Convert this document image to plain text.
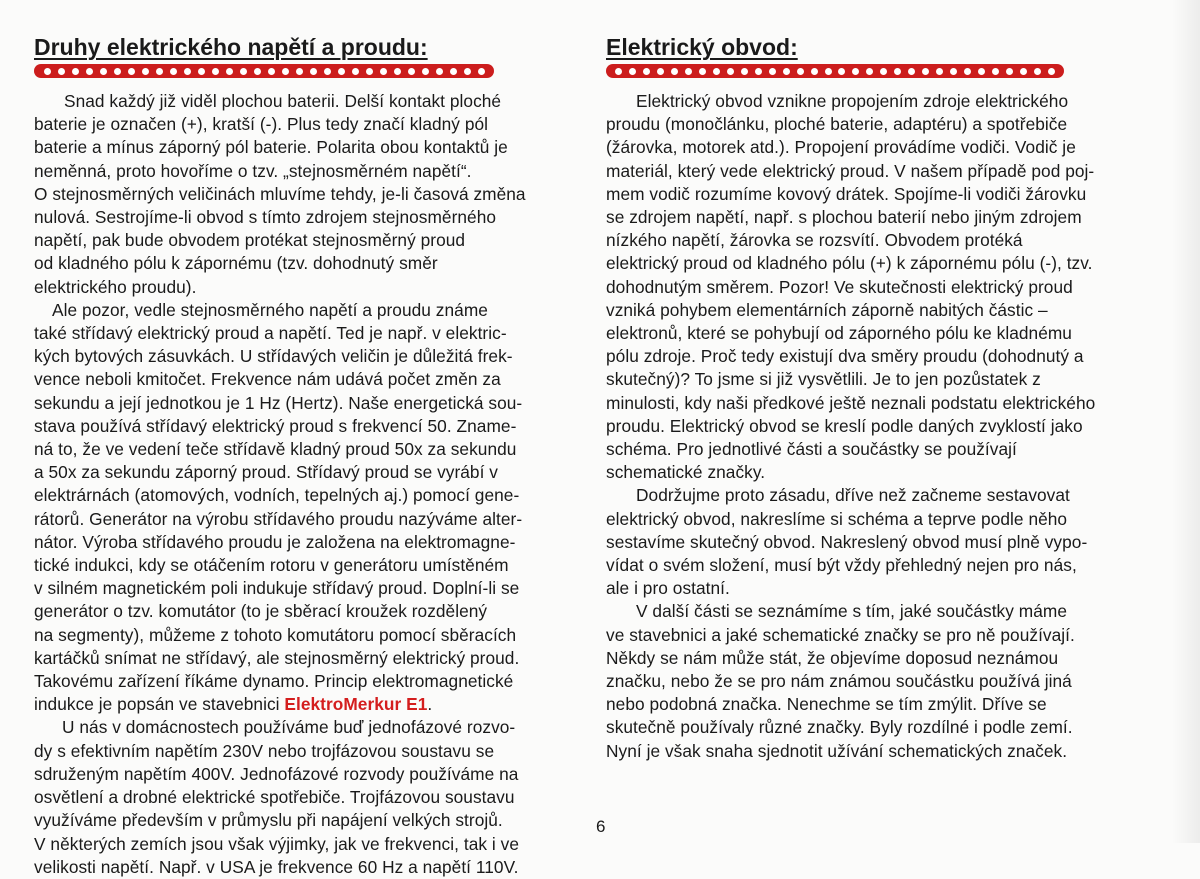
Druhy elektrického napětí a proudu:

Snad každý již viděl plochou baterii. Delší kontakt ploché

baterie je označen (+), kratší (-). Plus tedy značí kladný pól

baterie a mínus záporný pól baterie. Polarita obou kontaktů je

neměnná, proto hovoříme o tzv. „stejnosměrném napětí“.

O stejnosměrných veličinách mluvíme tehdy, je-li časová změna

nulová. Sestrojíme-li obvod s tímto zdrojem stejnosměrného

napětí, pak bude obvodem protékat stejnosměrný proud

od kladného pólu k zápornému (tzv. dohodnutý směr

elektrického proudu).

Ale pozor, vedle stejnosměrného napětí a proudu známe

také střídavý elektrický proud a napětí. Ted je např. v elektric-

kých bytových zásuvkách. U střídavých veličin je důležitá frek-

vence neboli kmitočet. Frekvence nám udává počet změn za

sekundu a její jednotkou je 1 Hz (Hertz). Naše energetická sou-

stava používá střídavý elektrický proud s frekvencí 50. Zname-

ná to, že ve vedení teče střídavě kladný proud 50x za sekundu

a 50x za sekundu záporný proud. Střídavý proud se vyrábí v

elektrárnách (atomových, vodních, tepelných aj.) pomocí gene-

rátorů. Generátor na výrobu střídavého proudu nazýváme alter-

nátor. Výroba střídavého proudu je založena na elektromagne-

tické indukci, kdy se otáčením rotoru v generátoru umístěném

v silném magnetickém poli indukuje střídavý proud. Doplní-li se

generátor o tzv. komutátor (to je sběrací kroužek rozdělený

na segmenty), můžeme z tohoto komutátoru pomocí sběracích

kartáčků snímat ne střídavý, ale stejnosměrný elektrický proud.

Takovému zařízení říkáme dynamo. Princip elektromagnetické

indukce je popsán ve stavebnici ElektroMerkur E1.

U nás v domácnostech používáme buď jednofázové rozvo-

dy s efektivním napětím 230V nebo trojfázovou soustavu se

sdruženým napětím 400V. Jednofázové rozvody používáme na

osvětlení a drobné elektrické spotřebiče. Trojfázovou soustavu

využíváme především v průmyslu při napájení velkých strojů.

V některých zemích jsou však výjimky, jak ve frekvenci, tak i ve

velikosti napětí. Např. v USA je frekvence 60 Hz a napětí 110V.

Elektrický obvod:

Elektrický obvod vznikne propojením zdroje elektrického

proudu (monočlánku, ploché baterie, adaptéru) a spotřebiče

(žárovka, motorek atd.). Propojení provádíme vodiči. Vodič je

materiál, který vede elektrický proud. V našem případě pod poj-

mem vodič rozumíme kovový drátek. Spojíme-li vodiči žárovku

se zdrojem napětí, např. s plochou baterií nebo jiným zdrojem

nízkého napětí, žárovka se rozsvítí. Obvodem protéká

elektrický proud od kladného pólu (+) k zápornému pólu (-), tzv.

dohodnutým směrem. Pozor! Ve skutečnosti elektrický proud

vzniká pohybem elementárních záporně nabitých částic –

elektronů, které se pohybují od záporného pólu ke kladnému

pólu zdroje. Proč tedy existují dva směry proudu (dohodnutý a

skutečný)? To jsme si již vysvětlili. Je to jen pozůstatek z

minulosti, kdy naši předkové ještě neznali podstatu elektrického

proudu. Elektrický obvod se kreslí podle daných zvyklostí jako

schéma. Pro jednotlivé části a součástky se používají

schematické značky.

Dodržujme proto zásadu, dříve než začneme sestavovat

elektrický obvod, nakreslíme si schéma a teprve podle něho

sestavíme skutečný obvod. Nakreslený obvod musí plně vypo-

vídat o svém složení, musí být vždy přehledný nejen pro nás,

ale i pro ostatní.

V další části se seznámíme s tím, jaké součástky máme

ve stavebnici a jaké schematické značky se pro ně používají.

Někdy se nám může stát, že objevíme doposud neznámou

značku, nebo že se pro nám známou součástku používá jiná

nebo podobná značka. Nenechme se tím zmýlit. Dříve se

skutečně používaly různé značky. Byly rozdílné i podle zemí.

Nyní je však snaha sjednotit užívání schematických značek.

6
